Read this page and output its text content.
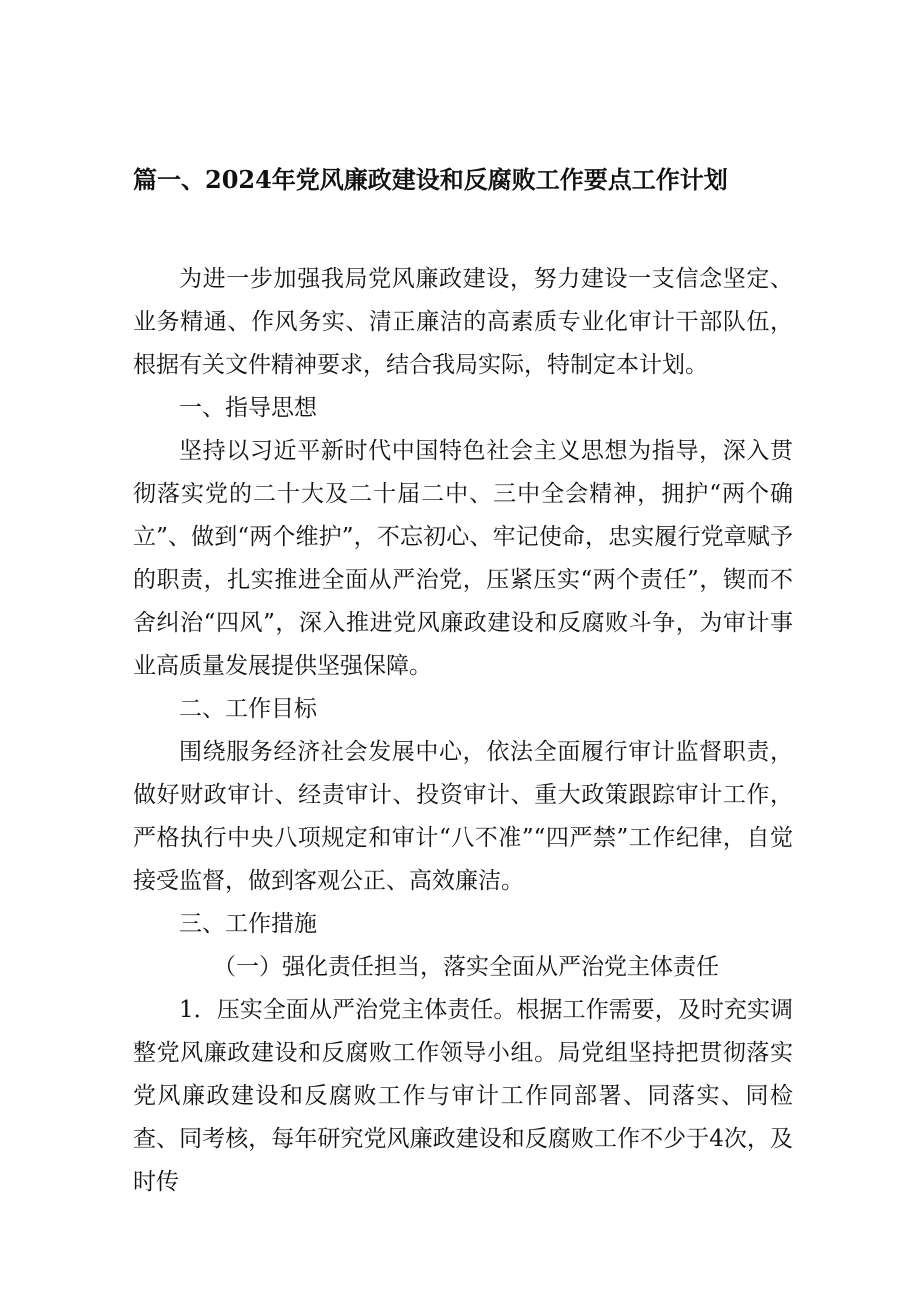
篇一、2024年党风廉政建设和反腐败工作要点工作计划

为进一步加强我局党风廉政建设，努力建设一支信念坚定、业务精通、作风务实、清正廉洁的高素质专业化审计干部队伍，根据有关文件精神要求，结合我局实际，特制定本计划。

一、指导思想

坚持以习近平新时代中国特色社会主义思想为指导，深入贯彻落实党的二十大及二十届二中、三中全会精神，拥护“两个确立”、做到“两个维护”，不忘初心、牢记使命，忠实履行党章赋予的职责，扎实推进全面从严治党，压紧压实“两个责任”，锲而不舍纠治“四风”，深入推进党风廉政建设和反腐败斗争，为审计事业高质量发展提供坚强保障。

二、工作目标

围绕服务经济社会发展中心，依法全面履行审计监督职责，做好财政审计、经责审计、投资审计、重大政策跟踪审计工作，严格执行中央八项规定和审计“八不准”“四严禁”工作纪律，自觉接受监督，做到客观公正、高效廉洁。

三、工作措施

（一）强化责任担当，落实全面从严治党主体责任

1．压实全面从严治党主体责任。根据工作需要，及时充实调整党风廉政建设和反腐败工作领导小组。局党组坚持把贯彻落实党风廉政建设和反腐败工作与审计工作同部署、同落实、同检查、同考核，每年研究党风廉政建设和反腐败工作不少于4次，及时传
